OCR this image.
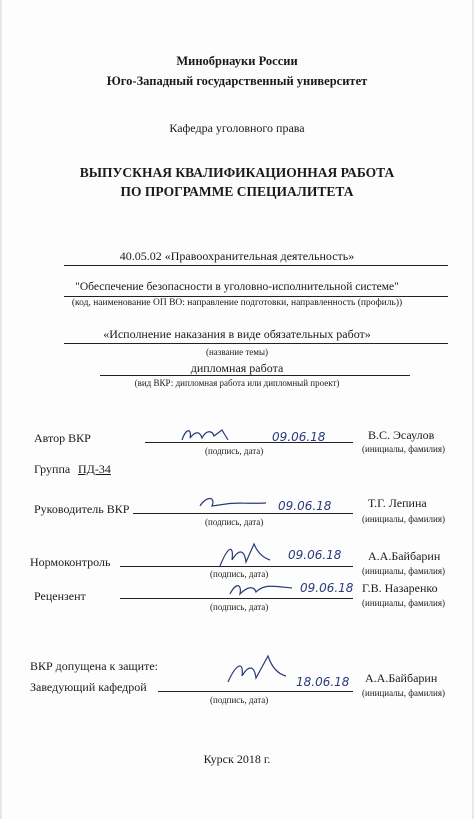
Минобрнауки России
Юго-Западный государственный университет
Кафедра уголовного права
ВЫПУСКНАЯ КВАЛИФИКАЦИОННАЯ РАБОТА
ПО ПРОГРАММЕ СПЕЦИАЛИТЕТА
40.05.02 «Правоохранительная деятельность»
"Обеспечение безопасности в уголовно-исполнительной системе"
(код, наименование ОП ВО: направление подготовки, направленность (профиль))
«Исполнение наказания в виде обязательных работ»
(название темы)
дипломная работа
(вид ВКР: дипломная работа или дипломный проект)
Автор ВКР	09.06.18
(подпись, дата)
В.С. Эсаулов
(инициалы, фамилия)
Группа ПД-34
Руководитель ВКР	09.06.18
(подпись, дата)
Т.Г. Лепина
(инициалы, фамилия)
Нормоконтроль	09.06.18
(подпись, дата)
А.А.Байбарин
(инициалы, фамилия)
Рецензент
09.06.18
(подпись, дата)
Г.В. Назаренко
(инициалы, фамилия)
ВКР допущена к защите:
Заведующий кафедрой	18.06.18
(подпись, дата)
А.А.Байбарин
(инициалы, фамилия)
Курск 2018 г.
